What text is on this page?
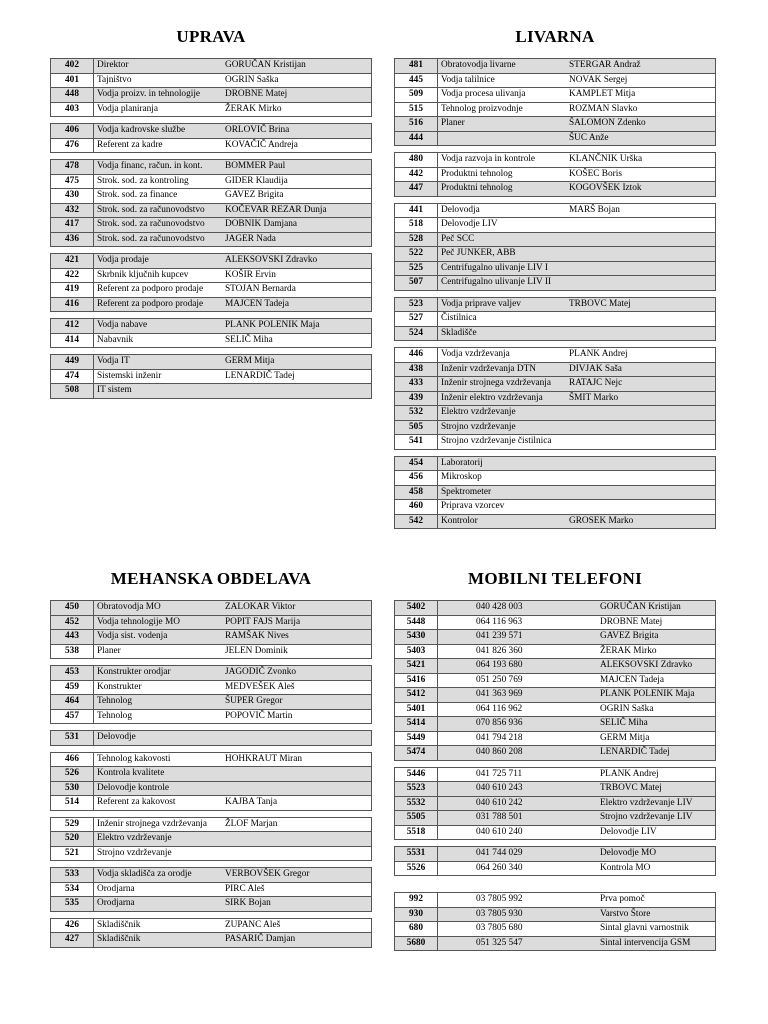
UPRAVA
402	Direktor	GORUČAN Kristijan
401	Tajništvo	OGRIN Saška
448	Vodja proizv. in tehnologije	DROBNE Matej
403	Vodja planiranja	ŽERAK Mirko
406	Vodja kadrovske službe	ORLOVIČ Brina
476	Referent za kadre	KOVAČIČ Andreja
478	Vodja financ, račun. in kont.	BOMMER Paul
475	Strok. sod. za kontroling	GIDER Klaudija
430	Strok. sod. za finance	GAVEZ Brigita
432	Strok. sod. za računovodstvo	KOČEVAR REZAR Dunja
417	Strok. sod. za računovodstvo	DOBNIK Damjana
436	Strok. sod. za računovodstvo	JAGER Nada
421	Vodja prodaje	ALEKSOVSKI Zdravko
422	Skrbnik ključnih kupcev	KOŠIR Ervin
419	Referent za podporo prodaje	STOJAN Bernarda
416	Referent za podporo prodaje	MAJCEN Tadeja
412	Vodja nabave	PLANK POLENIK Maja
414	Nabavnik	SELIČ Miha
449	Vodja IT	GERM Mitja
474	Sistemski inženir	LENARDIČ Tadej
508	IT sistem	
LIVARNA
481	Obratovodja livarne	STERGAR Andraž
445	Vodja talilnice	NOVAK Sergej
509	Vodja procesa ulivanja	KAMPLET Mitja
515	Tehnolog proizvodnje	ROZMAN Slavko
516	Planer	ŠALOMON Zdenko
444		ŠUC Anže
480	Vodja razvoja in kontrole	KLANČNIK Urška
442	Produktni tehnolog	KOŠEC Boris
447	Produktni tehnolog	KOGOVŠEK Iztok
441	Delovodja	MARŠ Bojan
518	Delovodje LIV	
528	Peč SCC	
522	Peč JUNKER, ABB	
525	Centrifugalno ulivanje LIV I	
507	Centrifugalno ulivanje LIV II	
523	Vodja priprave valjev	TRBOVC Matej
527	Čistilnica	
524	Skladišče	
446	Vodja vzdrževanja	PLANK Andrej
438	Inženir vzdrževanja DTN	DIVJAK Saša
433	Inženir strojnega vzdrževanja	RATAJC Nejc
439	Inženir elektro vzdrževanja	ŠMIT Marko
532	Elektro vzdrževanje	
505	Strojno vzdrževanje	
541	Strojno vzdrževanje čistilnica	
454	Laboratorij	
456	Mikroskop	
458	Spektrometer	
460	Priprava vzorcev	
542	Kontrolor	GROSEK Marko
MEHANSKA OBDELAVA
450	Obratovodja MO	ZALOKAR Viktor
452	Vodja tehnologije MO	POPIT FAJS Marija
443	Vodja sist. vodenja	RAMŠAK Nives
538	Planer	JELEN Dominik
453	Konstrukter orodjar	JAGODIČ Zvonko
459	Konstrukter	MEDVEŠEK Aleš
464	Tehnolog	ŠUPER Gregor
457	Tehnolog	POPOVIČ Martin
531	Delovodje	
466	Tehnolog kakovosti	HOHKRAUT Miran
526	Kontrola kvalitete	
530	Delovodje kontrole	
514	Referent za kakovost	KAJBA Tanja
529	Inženir strojnega vzdrževanja	ŽLOF Marjan
520	Elektro vzdrževanje	
521	Strojno vzdrževanje	
533	Vodja skladišča za orodje	VERBOVŠEK Gregor
534	Orodjarna	PIRC Aleš
535	Orodjarna	SIRK Bojan
426	Skladiščnik	ZUPANC Aleš
427	Skladiščnik	PASARIČ Damjan
MOBILNI TELEFONI
5402	040 428 003	GORUČAN Kristijan
5448	064 116 963	DROBNE Matej
5430	041 239 571	GAVEZ Brigita
5403	041 826 360	ŽERAK Mirko
5421	064 193 680	ALEKSOVSKI Zdravko
5416	051 250 769	MAJCEN Tadeja
5412	041 363 969	PLANK POLENIK Maja
5401	064 116 962	OGRIN Saška
5414	070 856 936	SELIČ Miha
5449	041 794 218	GERM Mitja
5474	040 860 208	LENARDIČ Tadej
5446	041 725 711	PLANK Andrej
5523	040 610 243	TRBOVC Matej
5532	040 610 242	Elektro vzdrževanje LIV
5505	031 788 501	Strojno vzdrževanje LIV
5518	040 610 240	Delovodje LIV
5531	041 744 029	Delovodje MO
5526	064 260 340	Kontrola MO
992	03 7805 992	Prva pomoč
930	03 7805 930	Varstvo Štore
680	03 7805 680	Sintal glavni varnostnik
5680	051 325 547	Sintal intervencija GSM
